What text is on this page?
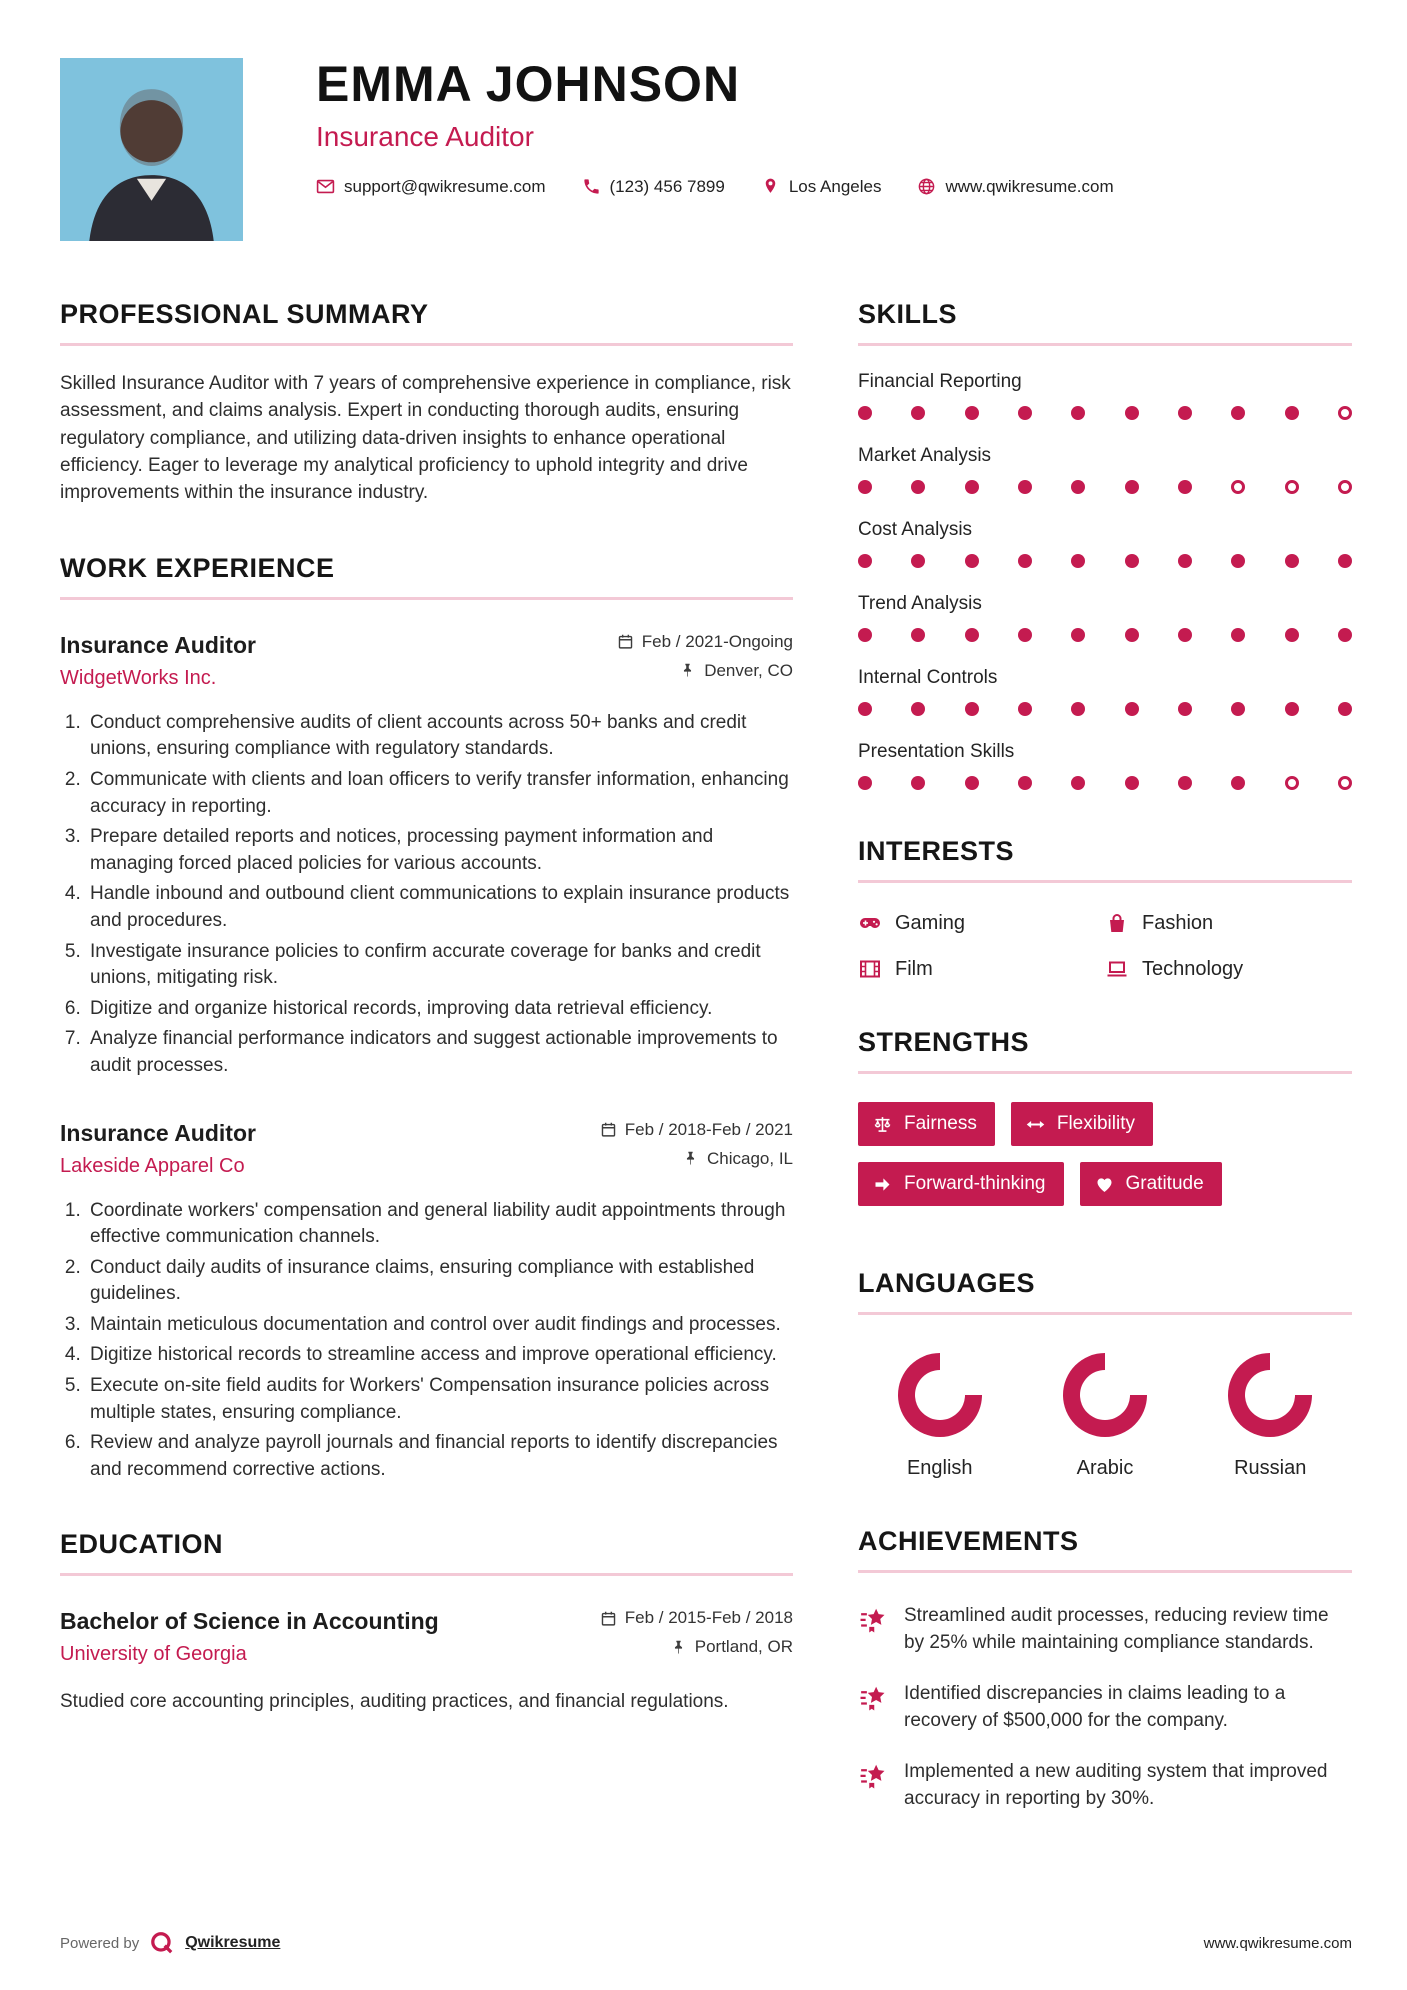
EMMA JOHNSON
Insurance Auditor
support@qwikresume.com	(123) 456 7899	Los Angeles	www.qwikresume.com
PROFESSIONAL SUMMARY

Skilled Insurance Auditor with 7 years of comprehensive experience in compliance, risk assessment, and claims analysis. Expert in conducting thorough audits, ensuring regulatory compliance, and utilizing data-driven insights to enhance operational efficiency. Eager to leverage my analytical proficiency to uphold integrity and drive improvements within the insurance industry.

WORK EXPERIENCE
Insurance Auditor
WidgetWorks Inc.
Feb / 2021-Ongoing
Denver, CO
1. Conduct comprehensive audits of client accounts across 50+ banks and credit unions, ensuring compliance with regulatory standards.
2. Communicate with clients and loan officers to verify transfer information, enhancing accuracy in reporting.
3. Prepare detailed reports and notices, processing payment information and managing forced placed policies for various accounts.
4. Handle inbound and outbound client communications to explain insurance products and procedures.
5. Investigate insurance policies to confirm accurate coverage for banks and credit unions, mitigating risk.
6. Digitize and organize historical records, improving data retrieval efficiency.
7. Analyze financial performance indicators and suggest actionable improvements to audit processes.
Insurance Auditor
Lakeside Apparel Co
Feb / 2018-Feb / 2021
Chicago, IL
1. Coordinate workers' compensation and general liability audit appointments through effective communication channels.
2. Conduct daily audits of insurance claims, ensuring compliance with established guidelines.
3. Maintain meticulous documentation and control over audit findings and processes.
4. Digitize historical records to streamline access and improve operational efficiency.
5. Execute on-site field audits for Workers' Compensation insurance policies across multiple states, ensuring compliance.
6. Review and analyze payroll journals and financial reports to identify discrepancies and recommend corrective actions.
EDUCATION
Bachelor of Science in Accounting
University of Georgia
Feb / 2015-Feb / 2018
Portland, OR

Studied core accounting principles, auditing practices, and financial regulations.

SKILLS
Financial Reporting
Market Analysis
Cost Analysis
Trend Analysis
Internal Controls
Presentation Skills
INTERESTS
Gaming	Fashion
Film	Technology
STRENGTHS
Fairness	Flexibility
Forward-thinking	Gratitude
LANGUAGES
English	Arabic	Russian
ACHIEVEMENTS
Streamlined audit processes, reducing review time by 25% while maintaining compliance standards.
Identified discrepancies in claims leading to a recovery of $500,000 for the company.
Implemented a new auditing system that improved accuracy in reporting by 30%.
Powered by	Qwikresume	www.qwikresume.com
